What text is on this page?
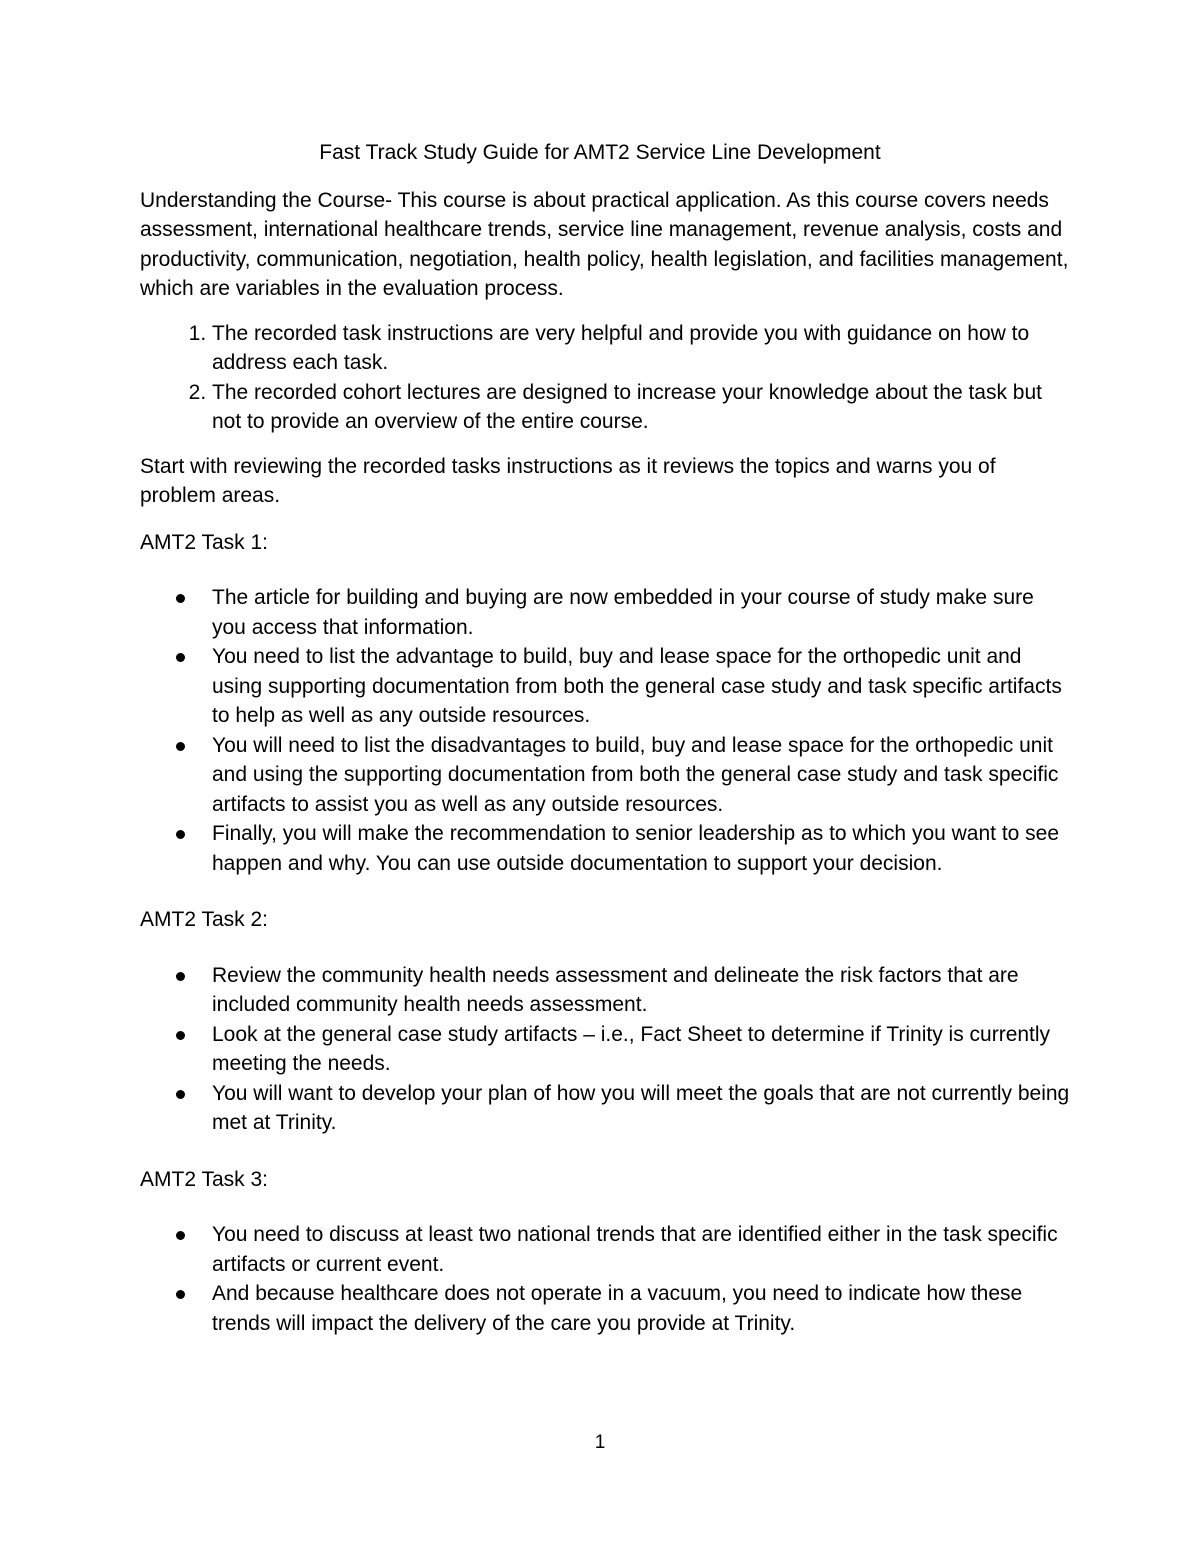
Fast Track Study Guide for AMT2 Service Line Development

Understanding the Course- This course is about practical application. As this course covers needs assessment, international healthcare trends, service line management, revenue analysis, costs and productivity, communication, negotiation, health policy, health legislation, and facilities management, which are variables in the evaluation process.

1. The recorded task instructions are very helpful and provide you with guidance on how to address each task.
2. The recorded cohort lectures are designed to increase your knowledge about the task but not to provide an overview of the entire course.

Start with reviewing the recorded tasks instructions as it reviews the topics and warns you of problem areas.

AMT2 Task 1:

The article for building and buying are now embedded in your course of study make sure you access that information.
You need to list the advantage to build, buy and lease space for the orthopedic unit and using supporting documentation from both the general case study and task specific artifacts to help as well as any outside resources.
You will need to list the disadvantages to build, buy and lease space for the orthopedic unit and using the supporting documentation from both the general case study and task specific artifacts to assist you as well as any outside resources.
Finally, you will make the recommendation to senior leadership as to which you want to see happen and why. You can use outside documentation to support your decision.

AMT2 Task 2:

Review the community health needs assessment and delineate the risk factors that are included community health needs assessment.
Look at the general case study artifacts – i.e., Fact Sheet to determine if Trinity is currently meeting the needs.
You will want to develop your plan of how you will meet the goals that are not currently being met at Trinity.

AMT2 Task 3:

You need to discuss at least two national trends that are identified either in the task specific artifacts or current event.
And because healthcare does not operate in a vacuum, you need to indicate how these trends will impact the delivery of the care you provide at Trinity.
1
